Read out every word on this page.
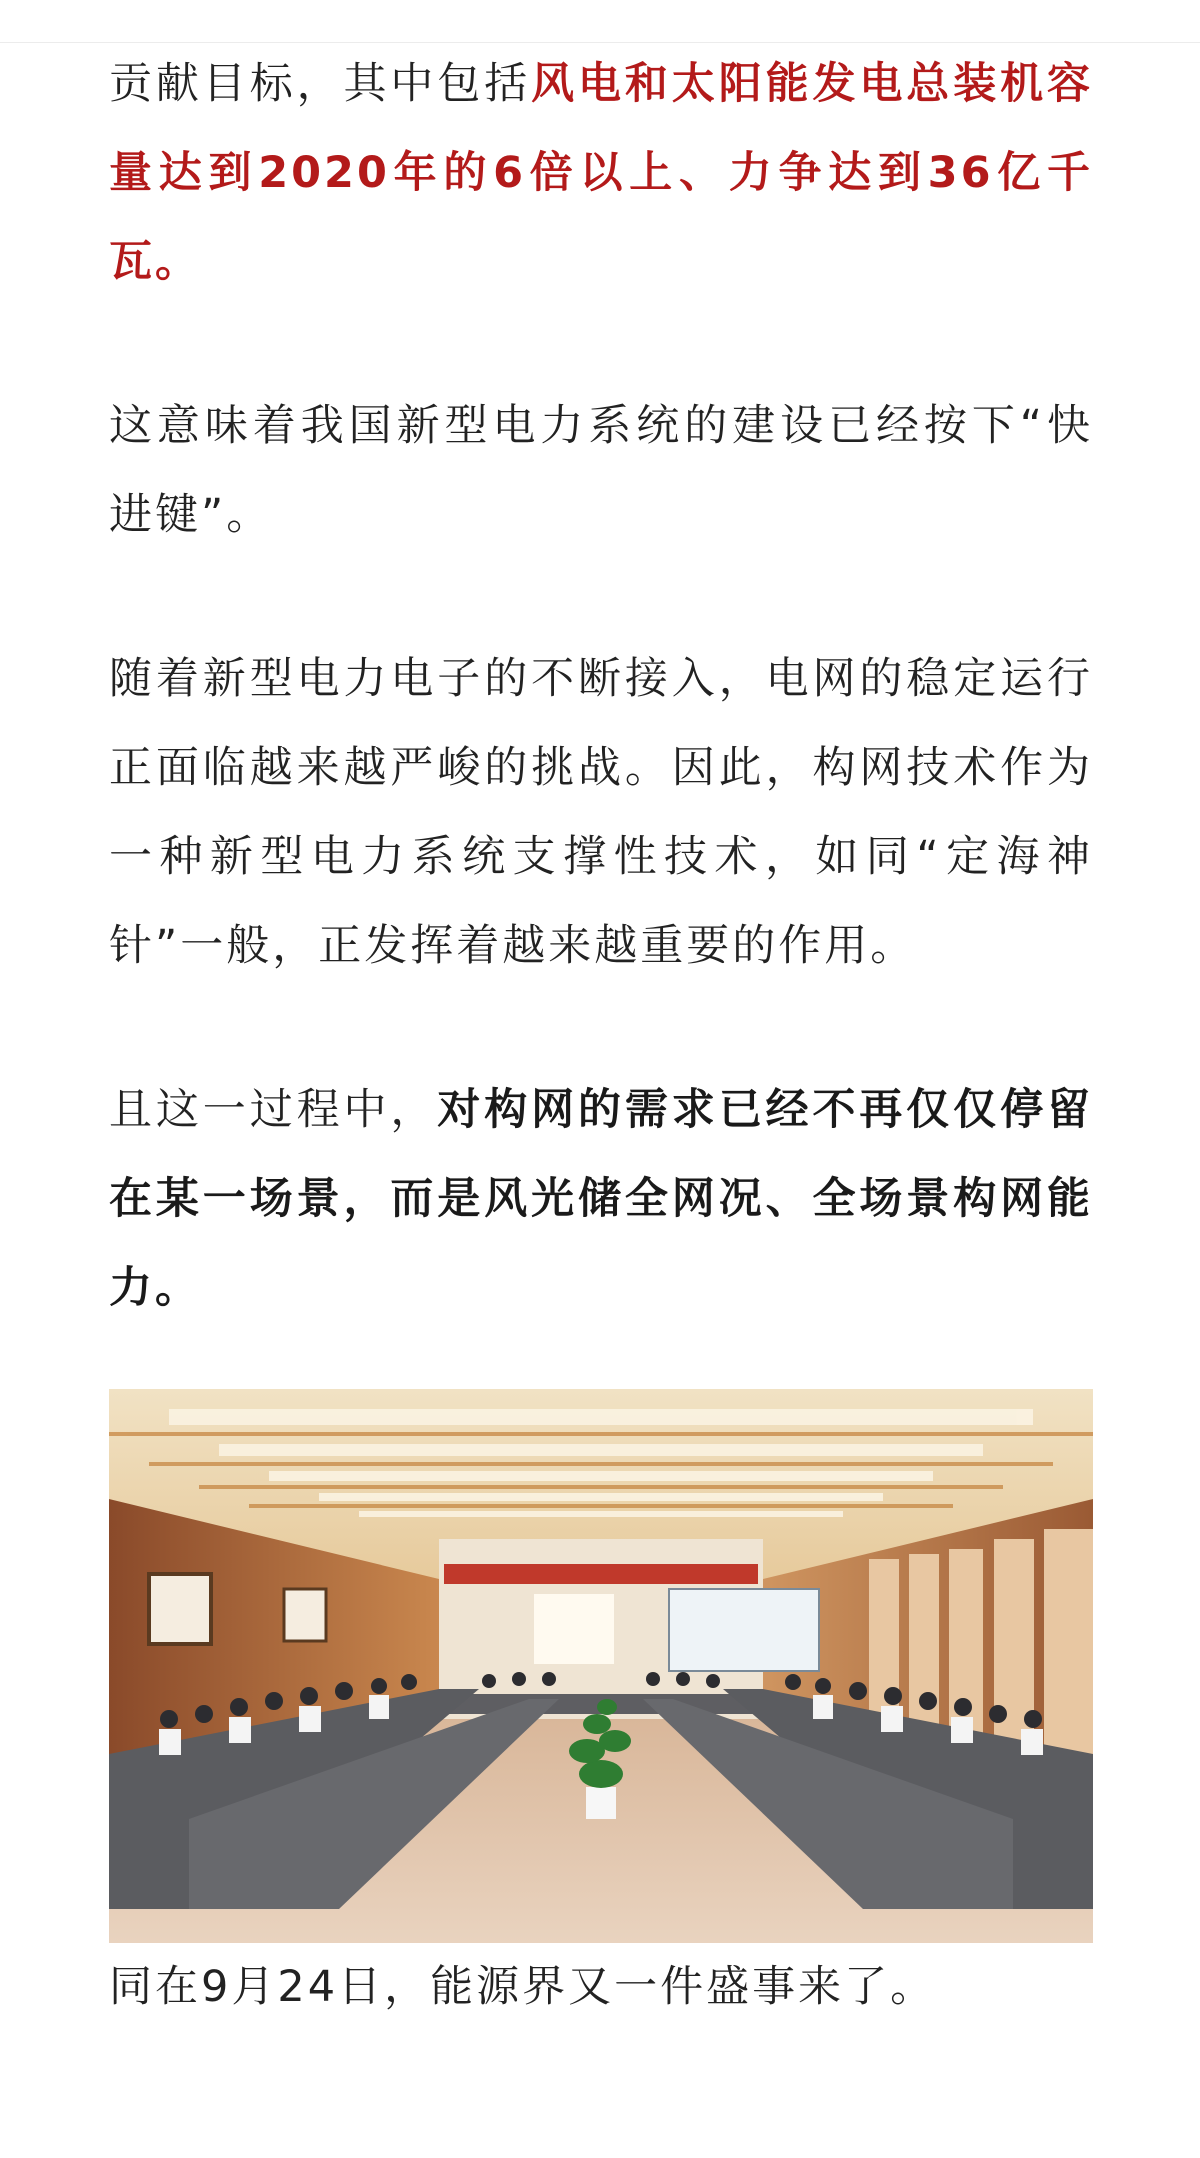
贡献目标，其中包括风电和太阳能发电总装机容量达到2020年的6倍以上、力争达到36亿千瓦。

这意味着我国新型电力系统的建设已经按下“快进键”。

随着新型电力电子的不断接入，电网的稳定运行正面临越来越严峻的挑战。因此，构网技术作为一种新型电力系统支撑性技术，如同“定海神针”一般，正发挥着越来越重要的作用。

且这一过程中，对构网的需求已经不再仅仅停留在某一场景，而是风光储全网况、全场景构网能力。

同在9月24日，能源界又一件盛事来了。
